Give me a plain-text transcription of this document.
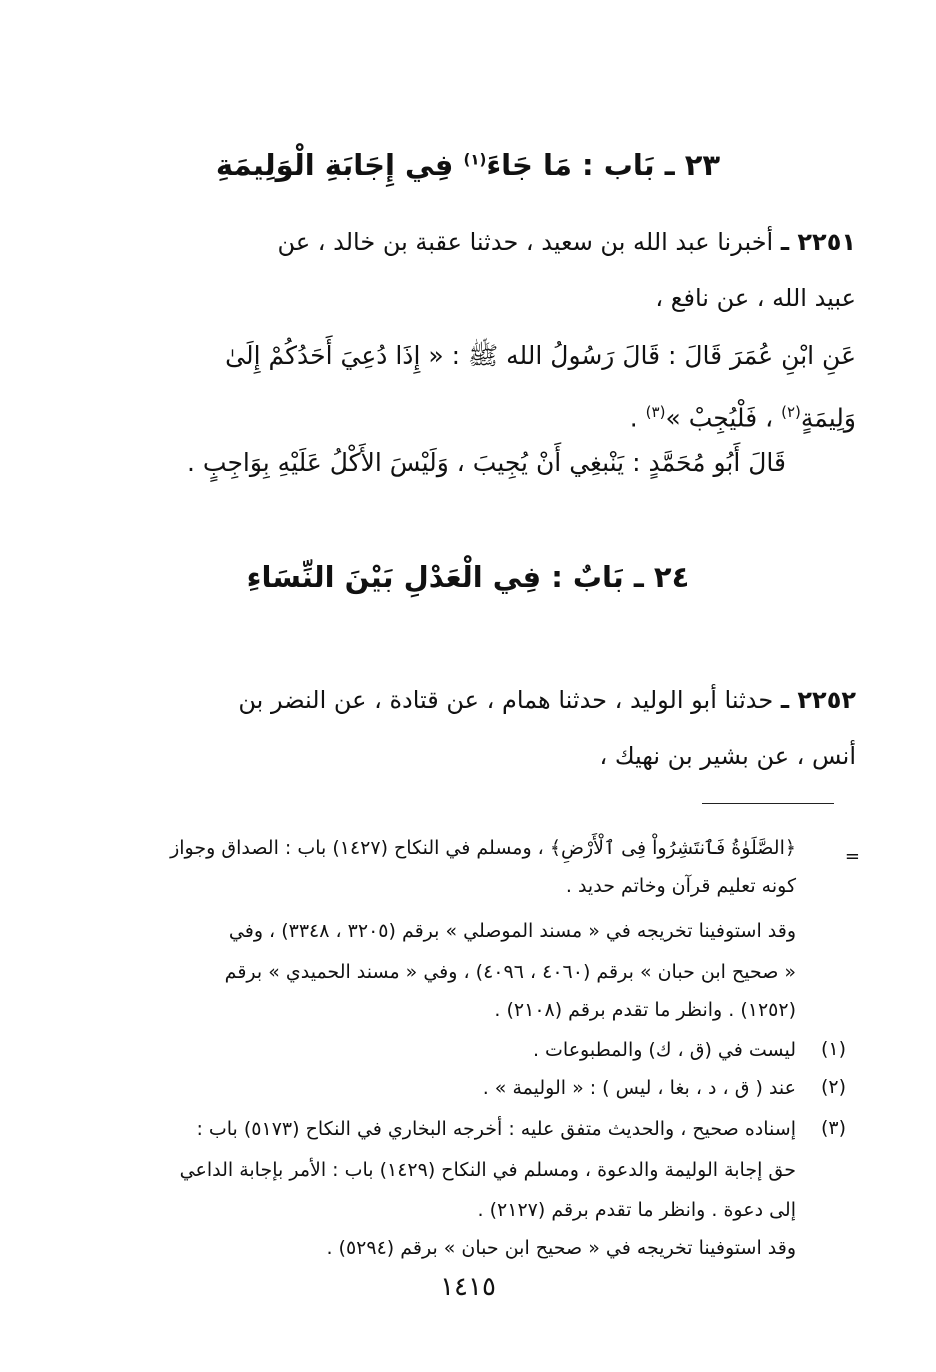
٢٣ ـ بَاب : مَا جَاءَ$^{(١)}$ فِي إِجَابَةِ الْوَلِيمَةِ
٢٢٥١ ـ أخبرنا عبد الله بن سعيد ، حدثنا عقبة بن خالد ، عن
عبيد الله ، عن نافع ،
عَنِ ابْنِ عُمَرَ قَالَ : قَالَ رَسُولُ الله ﷺ : « إِذَا دُعِيَ أَحَدُكُمْ إِلَىٰ
وَلِيمَةٍ$^{(٢)}$ ، فَلْيُجِبْ »$^{(٣)}$ .
قَالَ أَبُو مُحَمَّدٍ : يَنْبغِي أَنْ يُجِيبَ ، وَلَيْسَ الأَكْلُ عَلَيْهِ بِوَاجِبٍ .
٢٤ ـ بَابٌ : فِي الْعَدْلِ بَيْنَ النِّسَاءِ
٢٢٥٢ ـ حدثنا أبو الوليد ، حدثنا همام ، عن قتادة ، عن النضر بن
أنس ، عن بشير بن نهيك ،
=
﴿الصَّلَوٰةُ فَٱنتَشِرُواْ فِى ٱلْأَرْضِ﴾ ، ومسلم في النكاح (١٤٢٧) باب : الصداق وجواز
كونه تعليم قرآن وخاتم حديد .
وقد استوفينا تخريجه في « مسند الموصلي » برقم (٣٢٠٥ ، ٣٣٤٨) ، وفي
« صحيح ابن حبان » برقم (٤٠٦٠ ، ٤٠٩٦) ، وفي « مسند الحميدي » برقم
(١٢٥٢) . وانظر ما تقدم برقم (٢١٠٨) .
(١)
ليست في (ق ، ك) والمطبوعات .
(٢)
عند ( ق ، د ، بغا ، ليس ) : « الوليمة » .
(٣)
إسناده صحيح ، والحديث متفق عليه : أخرجه البخاري في النكاح (٥١٧٣) باب :
حق إجابة الوليمة والدعوة ، ومسلم في النكاح (١٤٢٩) باب : الأمر بإجابة الداعي
إلى دعوة . وانظر ما تقدم برقم (٢١٢٧) .
وقد استوفينا تخريجه في « صحيح ابن حبان » برقم (٥٢٩٤) .
١٤١٥
